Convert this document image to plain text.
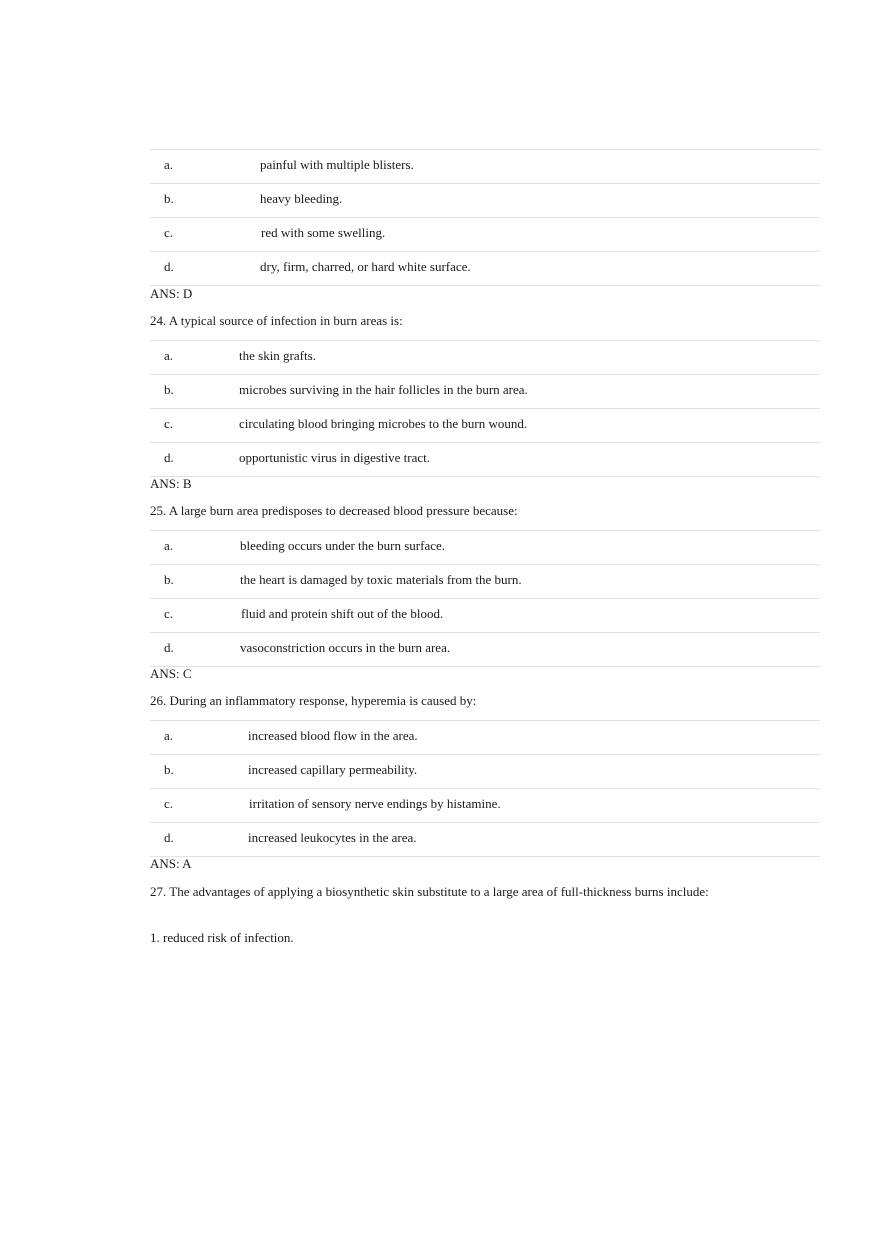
a.	painful with multiple blisters.
b.	heavy bleeding.
c.	red with some swelling.
d.	dry, firm, charred, or hard white surface.
ANS: D
24. A typical source of infection in burn areas is:
a.	the skin grafts.
b.	microbes surviving in the hair follicles in the burn area.
c.	circulating blood bringing microbes to the burn wound.
d.	opportunistic virus in digestive tract.
ANS: B
25. A large burn area predisposes to decreased blood pressure because:
a.	bleeding occurs under the burn surface.
b.	the heart is damaged by toxic materials from the burn.
c.	fluid and protein shift out of the blood.
d.	vasoconstriction occurs in the burn area.
ANS: C
26. During an inflammatory response, hyperemia is caused by:
a.	increased blood flow in the area.
b.	increased capillary permeability.
c.	irritation of sensory nerve endings by histamine.
d.	increased leukocytes in the area.
ANS: A
27. The advantages of applying a biosynthetic skin substitute to a large area of full-thickness burns include:
1. reduced risk of infection.
